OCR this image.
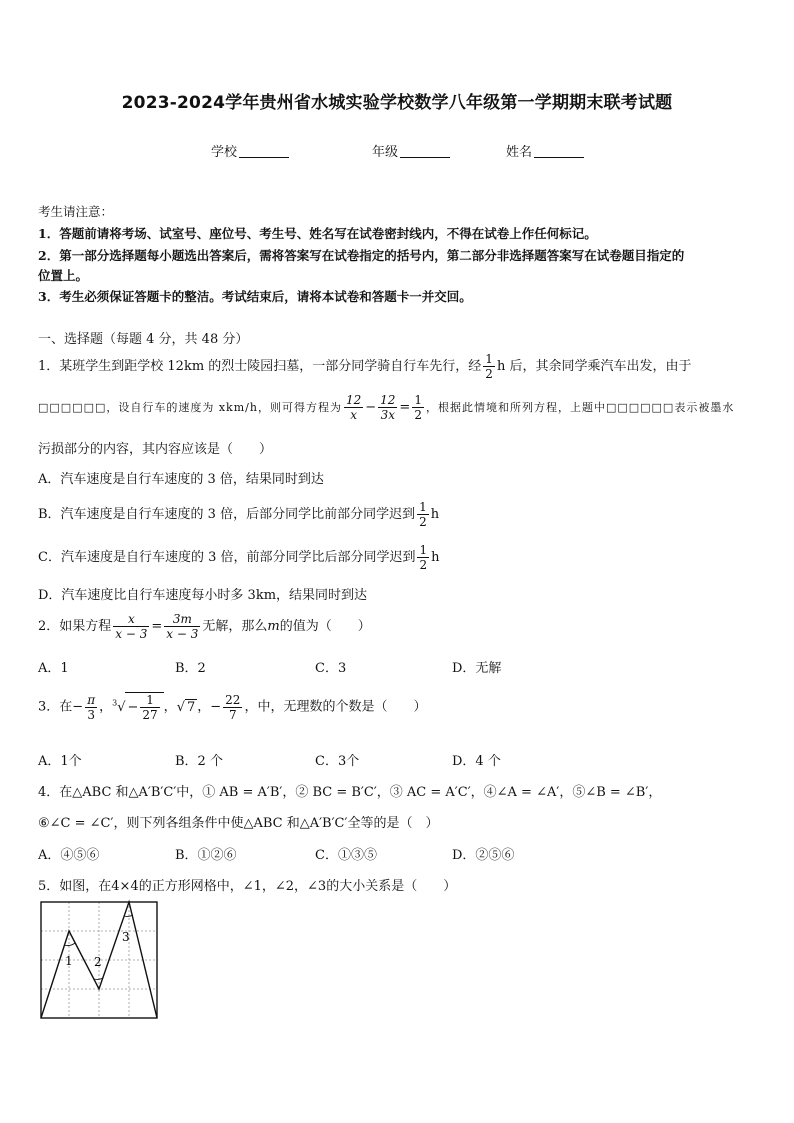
2023-2024学年贵州省水城实验学校数学八年级第一学期期末联考试题
学校	年级	姓名
考生请注意：
1．答题前请将考场、试室号、座位号、考生号、姓名写在试卷密封线内，不得在试卷上作任何标记。
2．第一部分选择题每小题选出答案后，需将答案写在试卷指定的括号内，第二部分非选择题答案写在试卷题目指定的
位置上。
3．考生必须保证答题卡的整洁。考试结束后，请将本试卷和答题卡一并交回。
一、选择题（每题 4 分，共 48 分）
1．某班学生到距学校 12km 的烈士陵园扫墓，一部分同学骑自行车先行，经 $\frac{1}{2}$ h 后，其余同学乘汽车出发，由于
□□□□□□，设自行车的速度为 xkm/h，则可得方程为 $\frac{12}{x} - \frac{12}{3x} = \frac{1}{2}$ ，根据此情境和所列方程，上题中□□□□□□表示被墨水
污损部分的内容，其内容应该是（　　）
A．汽车速度是自行车速度的 3 倍，结果同时到达
B．汽车速度是自行车速度的 3 倍，后部分同学比前部分同学迟到 $\frac{1}{2}$ h
C．汽车速度是自行车速度的 3 倍，前部分同学比后部分同学迟到 $\frac{1}{2}$ h
D．汽车速度比自行车速度每小时多 3km，结果同时到达
2．如果方程 $\frac{x}{x - 3} = \frac{3m}{x - 3}$ 无解，那么m的值为（　　）
A．1	B．2	C．3	D．无解
3．在− $\frac{\pi}{3}$ ，$^3√ - \frac{1}{27}$ ，√ 7 ，− $\frac{22}{7}$ ，中，无理数的个数是（　　）
A．1个	B．2 个	C．3个	D．4 个
4．在△ABC 和△A′B′C′中，① AB = A′B′，② BC = B′C′，③ AC = A′C′，④∠A = ∠A′，⑤∠B = ∠B′，
⑥∠C = ∠C′，则下列各组条件中使△ABC 和△A′B′C′全等的是（　）
A．④⑤⑥	B．①②⑥	C．①③⑤	D．②⑤⑥
5．如图，在4×4的正方形网格中，∠1，∠2，∠3的大小关系是（　　）
1 2
3
